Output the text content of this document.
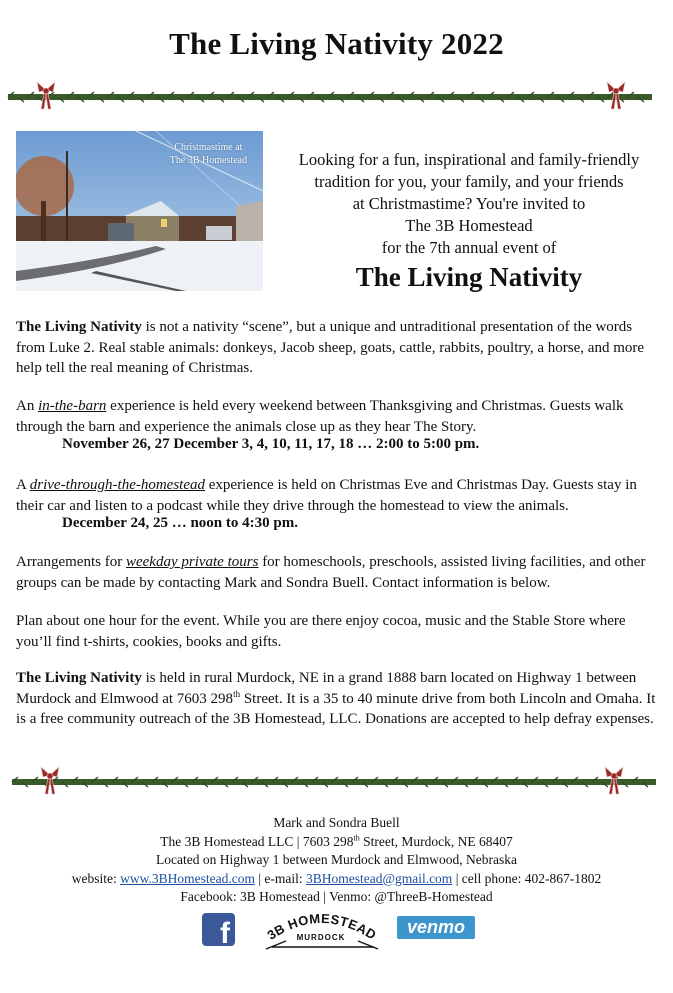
The Living Nativity 2022
Christmastime at
The 3B Homestead	Looking for a fun, inspirational and family-friendly
tradition for you, your family, and your friends
at Christmastime? You're invited to
The 3B Homestead
for the 7th annual event of
The Living Nativity
The Living Nativity is not a nativity “scene”, but a unique and untraditional presentation of the words from Luke 2. Real stable animals: donkeys, Jacob sheep, goats, cattle, rabbits, poultry, a horse, and more help tell the real meaning of Christmas.
An in-the-barn experience is held every weekend between Thanksgiving and Christmas. Guests walk through the barn and experience the animals close up as they hear The Story.
November 26, 27 December 3, 4, 10, 11, 17, 18 … 2:00 to 5:00 pm.
A drive-through-the-homestead experience is held on Christmas Eve and Christmas Day. Guests stay in their car and listen to a podcast while they drive through the homestead to view the animals.
December 24, 25 … noon to 4:30 pm.
Arrangements for weekday private tours for homeschools, preschools, assisted living facilities, and other groups can be made by contacting Mark and Sondra Buell. Contact information is below.
Plan about one hour for the event. While you are there enjoy cocoa, music and the Stable Store where you’ll find t-shirts, cookies, books and gifts.
The Living Nativity is held in rural Murdock, NE in a grand 1888 barn located on Highway 1 between Murdock and Elmwood at 7603 298th Street. It is a 35 to 40 minute drive from both Lincoln and Omaha. It is a free community outreach of the 3B Homestead, LLC. Donations are accepted to help defray expenses.
Mark and Sondra Buell
The 3B Homestead LLC | 7603 298th Street, Murdock, NE 68407
Located on Highway 1 between Murdock and Elmwood, Nebraska
website: www.3BHomestead.com | e-mail: 3BHomestead@gmail.com | cell phone: 402-867-1802
Facebook: 3B Homestead | Venmo: @ThreeB-Homestead
f	3B HOMESTEAD
MURDOCK
venmo
